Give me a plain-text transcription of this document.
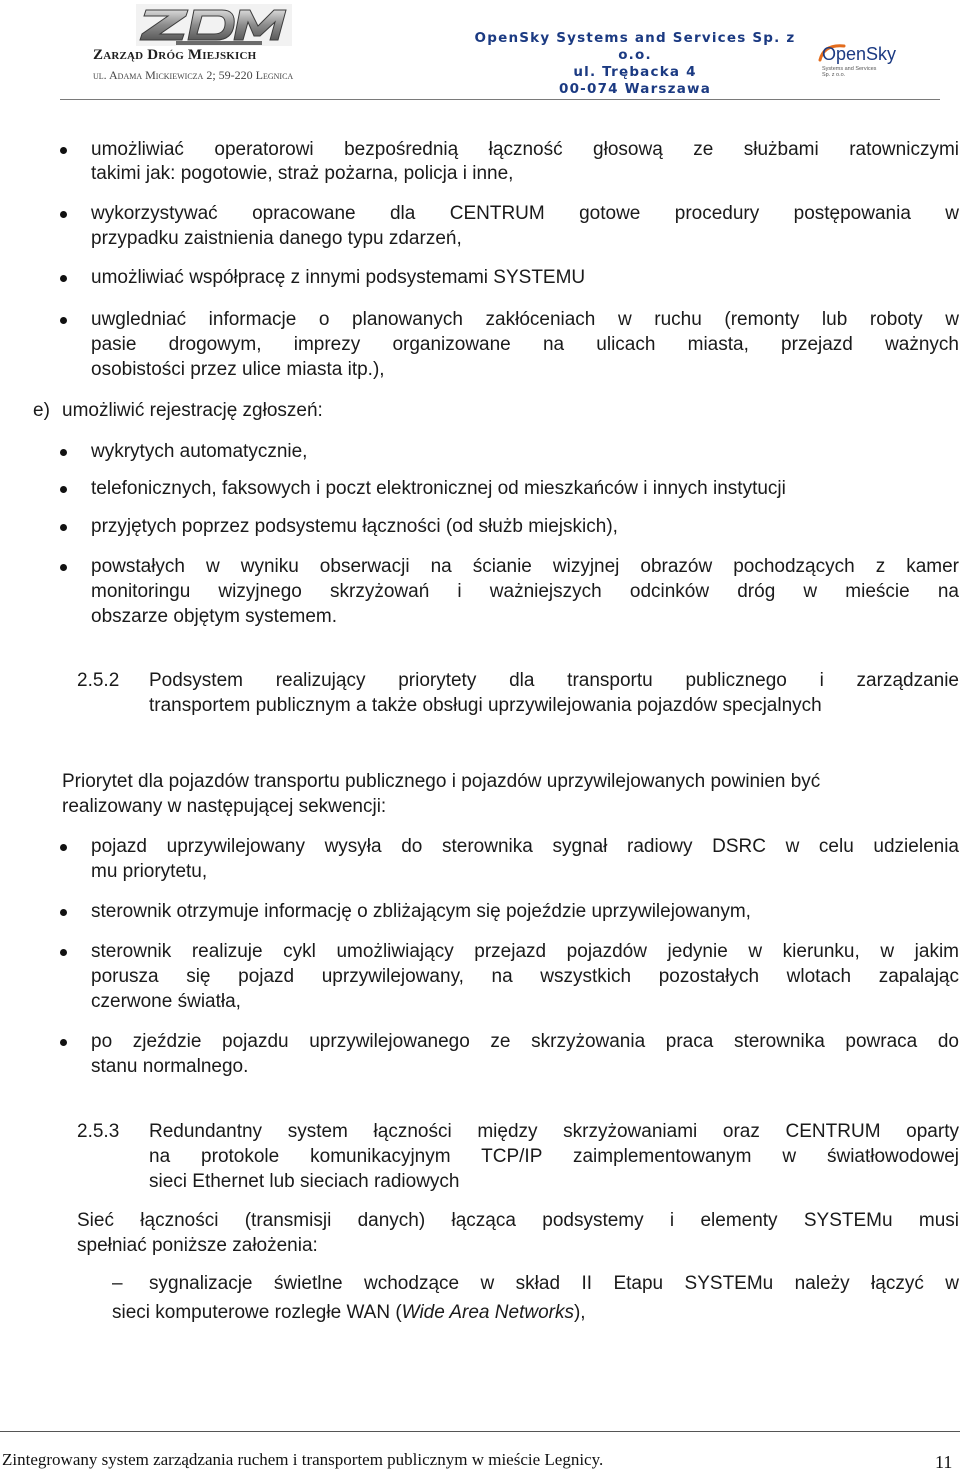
Zarząd Dróg Miejskich
ul. Adama Mickiewicza 2; 59-220 Legnica
OpenSky Systems and Services Sp. z o.o.
ul. Trębacka 4
00-074 Warszawa
OpenSky
Systems and Services
Sp. z o.o.
umożliwiać operatorowi bezpośrednią łączność głosową ze służbami ratowniczymi
takimi jak: pogotowie, straż pożarna, policja i inne,
wykorzystywać opracowane dla CENTRUM gotowe procedury postępowania w
przypadku zaistnienia danego typu zdarzeń,
umożliwiać współpracę z innymi podsystemami SYSTEMU
uwgledniać informacje o planowanych zakłóceniach w ruchu (remonty lub roboty w
pasie drogowym, imprezy organizowane na ulicach miasta, przejazd ważnych
osobistości przez ulice miasta itp.),
e) umożliwić rejestrację zgłoszeń:
wykrytych automatycznie,
telefonicznych, faksowych i poczt elektronicznej od mieszkańców i innych instytucji
przyjętych poprzez podsystemu łączności (od służb miejskich),
powstałych w wyniku obserwacji na ścianie wizyjnej obrazów pochodzących z kamer
monitoringu wizyjnego skrzyżowań i ważniejszych odcinków dróg w mieście na
obszarze objętym systemem.
2.5.2 Podsystem realizujący priorytety dla transportu publicznego i zarządzanie
transportem publicznym a także obsługi uprzywilejowania pojazdów specjalnych
Priorytet dla pojazdów transportu publicznego i pojazdów uprzywilejowanych powinien być
realizowany w następującej sekwencji:
pojazd uprzywilejowany wysyła do sterownika sygnał radiowy DSRC w celu udzielenia
mu priorytetu,
sterownik otrzymuje informację o zbliżającym się pojeździe uprzywilejowanym,
sterownik realizuje cykl umożliwiający przejazd pojazdów jedynie w kierunku, w jakim
porusza się pojazd uprzywilejowany, na wszystkich pozostałych wlotach zapalając
czerwone światła,
po zjeździe pojazdu uprzywilejowanego ze skrzyżowania praca sterownika powraca do
stanu normalnego.
2.5.3 Redundantny system łączności między skrzyżowaniami oraz CENTRUM oparty
na protokole komunikacyjnym TCP/IP zaimplementowanym w światłowodowej
sieci Ethernet lub sieciach radiowych
Sieć łączności (transmisji danych) łącząca podsystemy i elementy SYSTEMu musi
spełniać poniższe założenia:
– sygnalizacje świetlne wchodzące w skład II Etapu SYSTEMu należy łączyć w
sieci komputerowe rozległe WAN (Wide Area Networks),
Zintegrowany system zarządzania ruchem i transportem publicznym w mieście Legnicy.	11
